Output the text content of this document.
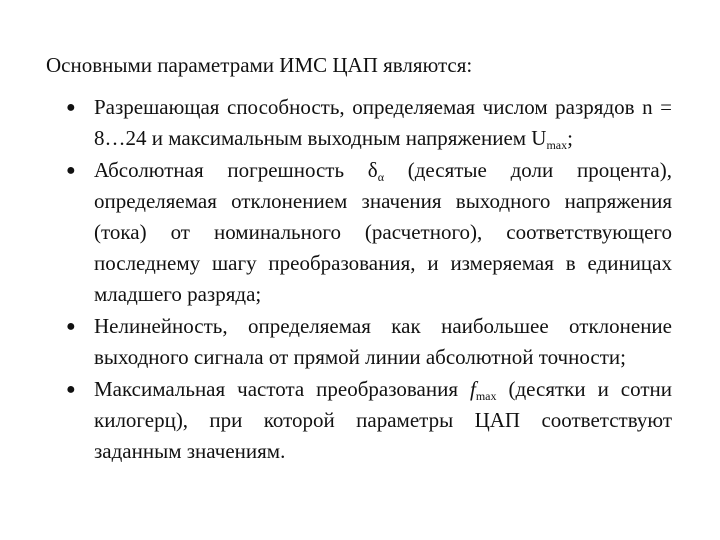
Основными параметрами ИМС ЦАП являются:
● Разрешающая способность, определяемая числом разрядов n = 8…24 и максимальным выходным напряжением $U_{max}$;
● Абсолютная погрешность $\delta_\alpha$ (десятые доли процента), определяемая отклонением значения выходного напряжения (тока) от номинального (расчетного), соответствующего последнему шагу преобразования, и измеряемая в единицах младшего разряда;
● Нелинейность, определяемая как наибольшее отклонение выходного сигнала от прямой линии абсолютной точности;
● Максимальная частота преобразования $f_{max}$ (десятки и сотни килогерц), при которой параметры ЦАП соответствуют заданным значениям.
